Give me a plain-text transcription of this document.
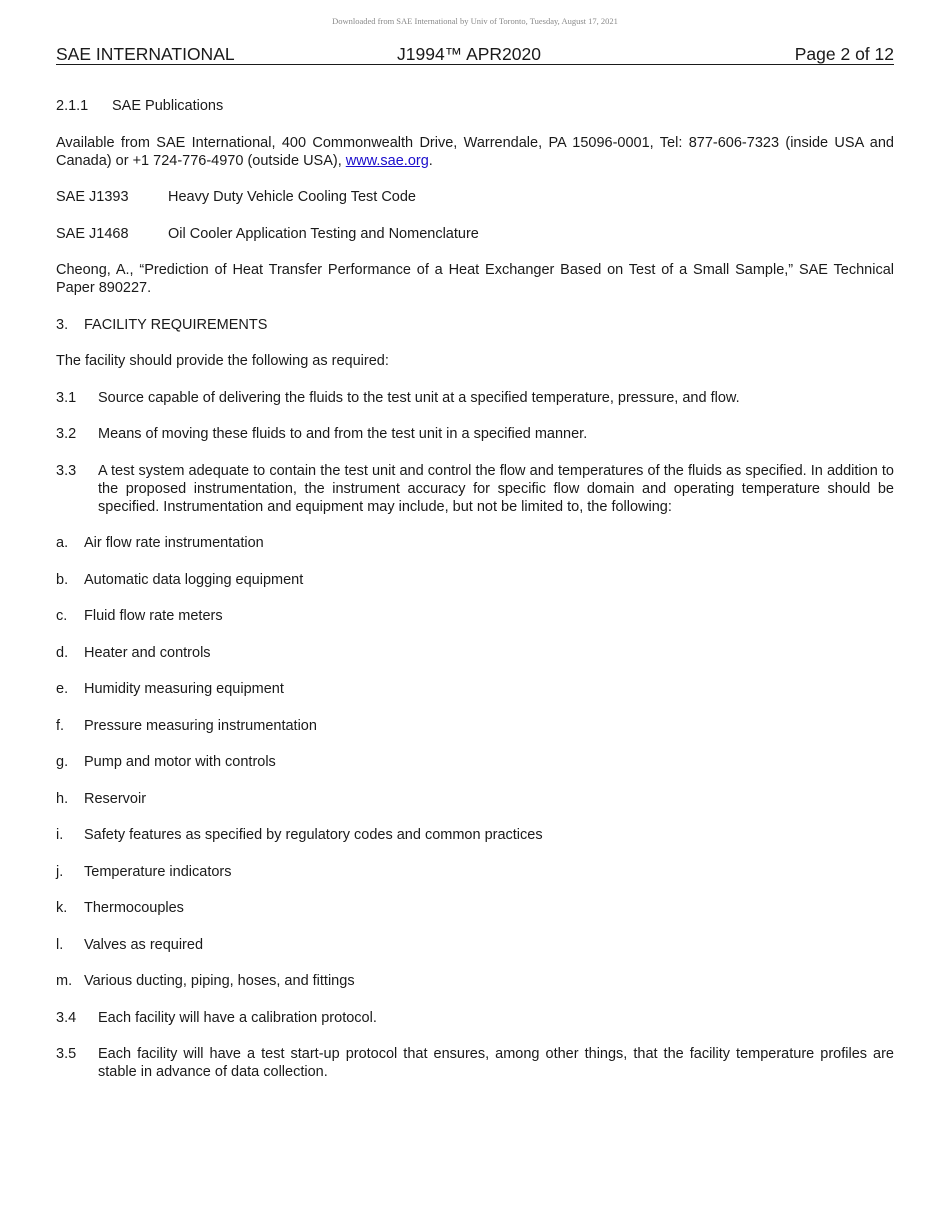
Downloaded from SAE International by Univ of Toronto, Tuesday, August 17, 2021
SAE INTERNATIONAL	J1994™ APR2020	Page 2 of 12
2.1.1 SAE Publications

Available from SAE International, 400 Commonwealth Drive, Warrendale, PA 15096-0001, Tel: 877-606-7323 (inside USA and Canada) or +1 724-776-4970 (outside USA), www.sae.org.

SAE J1393	Heavy Duty Vehicle Cooling Test Code
SAE J1468	Oil Cooler Application Testing and Nomenclature

Cheong, A., “Prediction of Heat Transfer Performance of a Heat Exchanger Based on Test of a Small Sample,” SAE Technical Paper 890227.

3. FACILITY REQUIREMENTS

The facility should provide the following as required:

3.1 Source capable of delivering the fluids to the test unit at a specified temperature, pressure, and flow.
3.2 Means of moving these fluids to and from the test unit in a specified manner.
3.3 A test system adequate to contain the test unit and control the flow and temperatures of the fluids as specified. In addition to the proposed instrumentation, the instrument accuracy for specific flow domain and operating temperature should be specified. Instrumentation and equipment may include, but not be limited to, the following:
a. Air flow rate instrumentation
b. Automatic data logging equipment
c. Fluid flow rate meters
d. Heater and controls
e. Humidity measuring equipment
f. Pressure measuring instrumentation
g. Pump and motor with controls
h. Reservoir
i. Safety features as specified by regulatory codes and common practices
j. Temperature indicators
k. Thermocouples
l. Valves as required
m. Various ducting, piping, hoses, and fittings
3.4 Each facility will have a calibration protocol.
3.5 Each facility will have a test start-up protocol that ensures, among other things, that the facility temperature profiles are stable in advance of data collection.
